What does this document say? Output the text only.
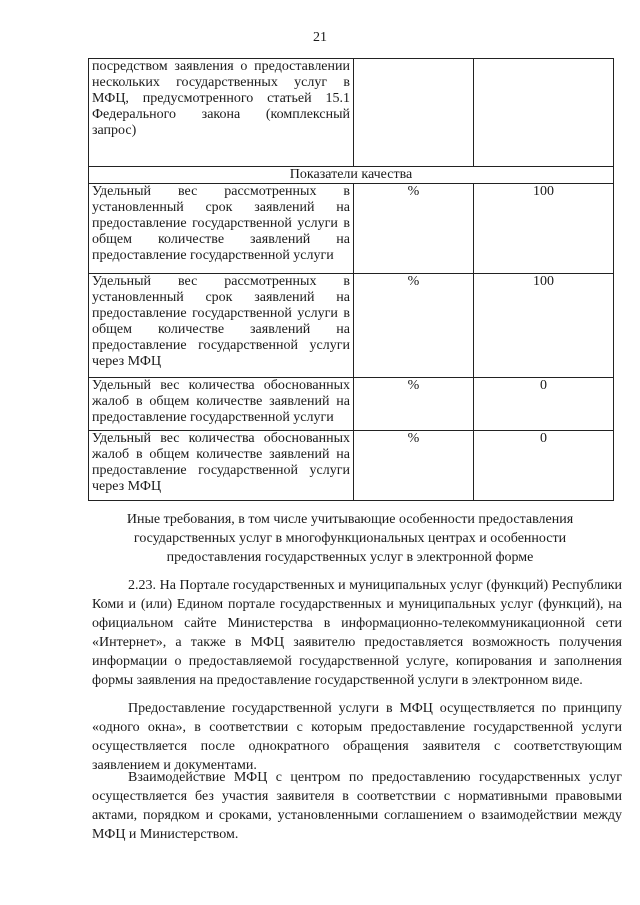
21
посредством заявления о предоставлении нескольких государственных услуг в МФЦ, предусмотренного статьей 15.1 Федерального закона (комплексный запрос)		
Показатели качества		
Удельный вес рассмотренных в установленный срок заявлений на предоставление государственной услуги в общем количестве заявлений на предоставление государственной услуги	%	100
Удельный вес рассмотренных в установленный срок заявлений на предоставление государственной услуги в общем количестве заявлений на предоставление государственной услуги через МФЦ	%	100
Удельный вес количества обоснованных жалоб в общем количестве заявлений на предоставление государственной услуги	%	0
Удельный вес количества обоснованных жалоб в общем количестве заявлений на предоставление государственной услуги через МФЦ	%	0
Иные требования, в том числе учитывающие особенности предоставления государственных услуг в многофункциональных центрах и особенности предоставления государственных услуг в электронной форме

2.23. На Портале государственных и муниципальных услуг (функций) Республики Коми и (или) Едином портале государственных и муниципальных услуг (функций), на официальном сайте Министерства в информационно-телекоммуникационной сети «Интернет», а также в МФЦ заявителю предоставляется возможность получения информации о предоставляемой государственной услуге, копирования и заполнения формы заявления на предоставление государственной услуги в электронном виде.

Предоставление государственной услуги в МФЦ осуществляется по принципу «одного окна», в соответствии с которым предоставление государственной услуги осуществляется после однократного обращения заявителя с соответствующим заявлением и документами.

Взаимодействие МФЦ с центром по предоставлению государственных услуг осуществляется без участия заявителя в соответствии с нормативными правовыми актами, порядком и сроками, установленными соглашением о взаимодействии между МФЦ и Министерством.
